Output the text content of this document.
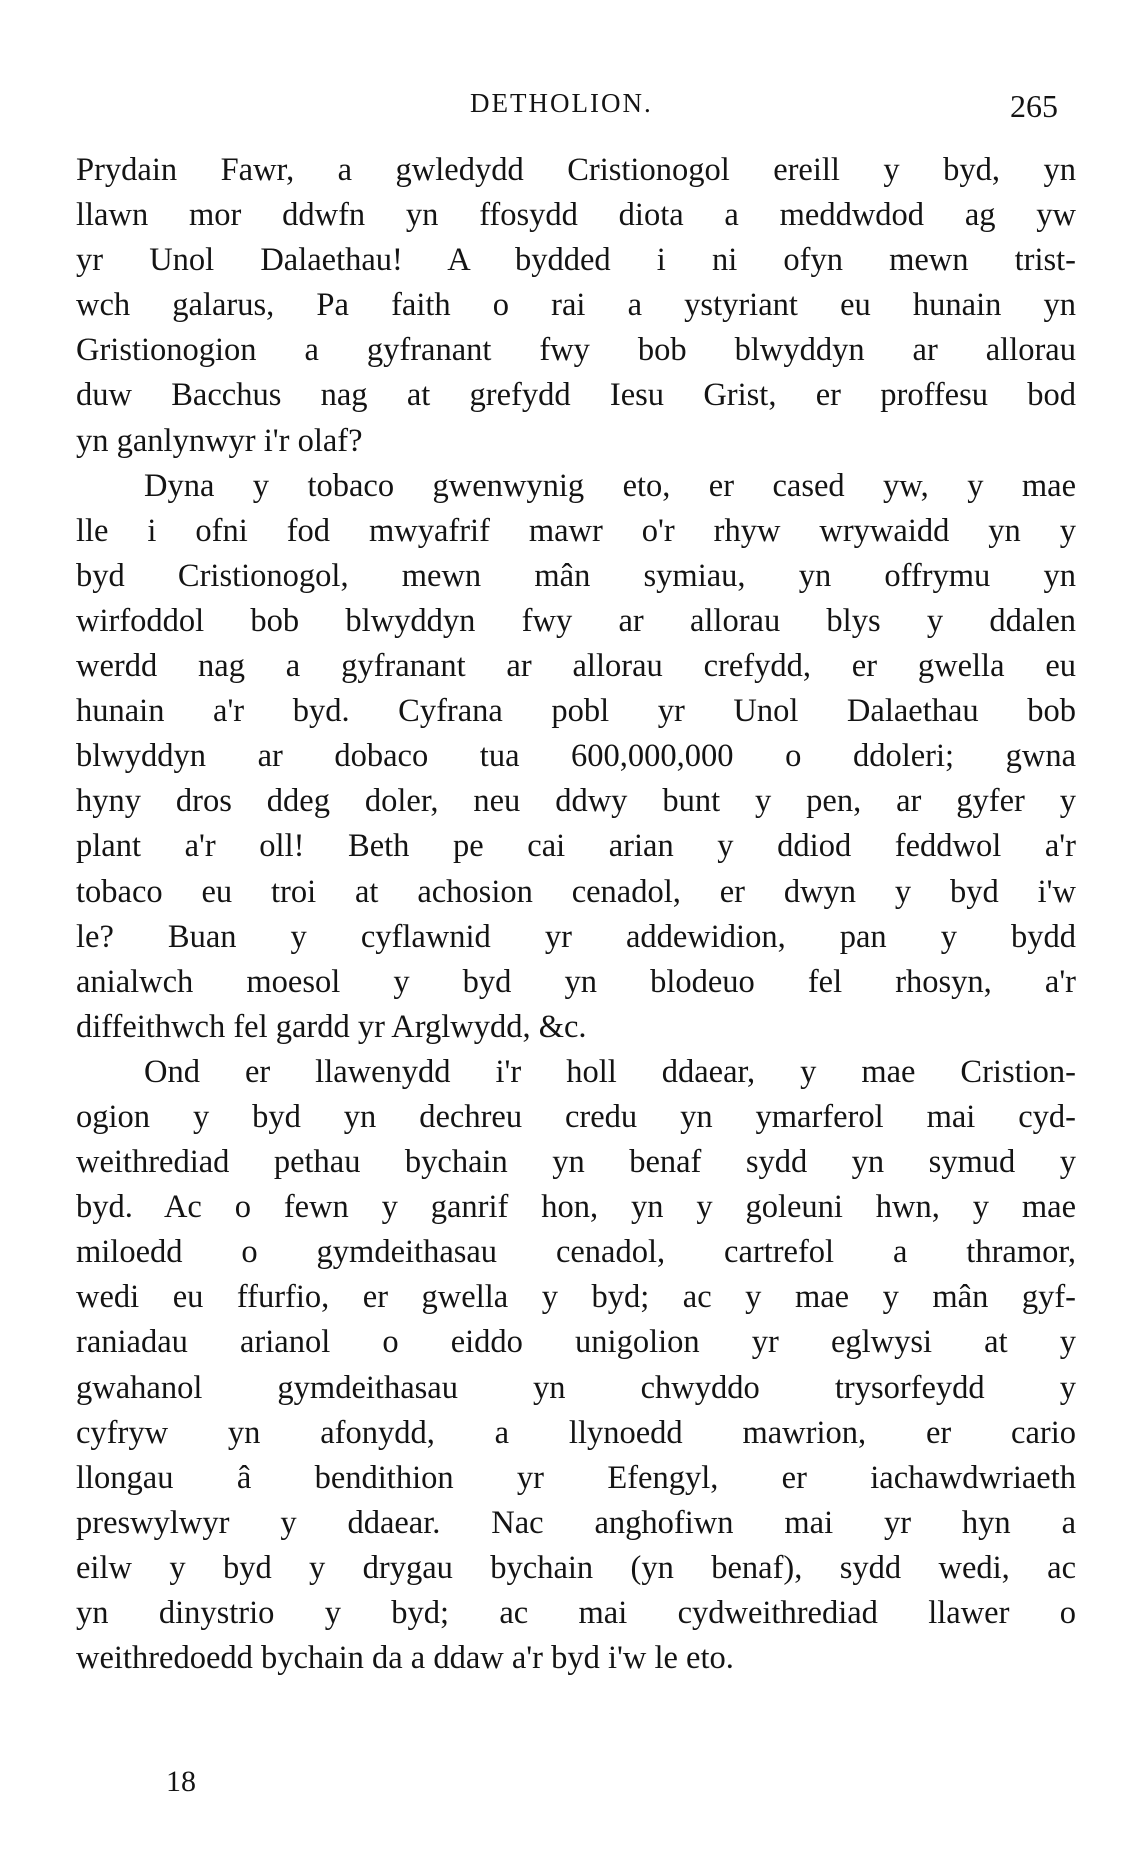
DETHOLION.	265
Prydain Fawr, a gwledydd Cristionogol ereill y byd, yn
llawn mor ddwfn yn ffosydd diota a meddwdod ag yw
yr Unol Dalaethau! A bydded i ni ofyn mewn trist-
wch galarus, Pa faith o rai a ystyriant eu hunain yn
Gristionogion a gyfranant fwy bob blwyddyn ar allorau
duw Bacchus nag at grefydd Iesu Grist, er proffesu bod
yn ganlynwyr i'r olaf?
Dyna y tobaco gwenwynig eto, er cased yw, y mae
lle i ofni fod mwyafrif mawr o'r rhyw wrywaidd yn y
byd Cristionogol, mewn mân symiau, yn offrymu yn
wirfoddol bob blwyddyn fwy ar allorau blys y ddalen
werdd nag a gyfranant ar allorau crefydd, er gwella eu
hunain a'r byd. Cyfrana pobl yr Unol Dalaethau bob
blwyddyn ar dobaco tua 600,000,000 o ddoleri; gwna
hyny dros ddeg doler, neu ddwy bunt y pen, ar gyfer y
plant a'r oll! Beth pe cai arian y ddiod feddwol a'r
tobaco eu troi at achosion cenadol, er dwyn y byd i'w
le? Buan y cyflawnid yr addewidion, pan y bydd
anialwch moesol y byd yn blodeuo fel rhosyn, a'r
diffeithwch fel gardd yr Arglwydd, &c.
Ond er llawenydd i'r holl ddaear, y mae Cristion-
ogion y byd yn dechreu credu yn ymarferol mai cyd-
weithrediad pethau bychain yn benaf sydd yn symud y
byd. Ac o fewn y ganrif hon, yn y goleuni hwn, y mae
miloedd o gymdeithasau cenadol, cartrefol a thramor,
wedi eu ffurfio, er gwella y byd; ac y mae y mân gyf-
raniadau arianol o eiddo unigolion yr eglwysi at y
gwahanol gymdeithasau yn chwyddo trysorfeydd y
cyfryw yn afonydd, a llynoedd mawrion, er cario
llongau â bendithion yr Efengyl, er iachawdwriaeth
preswylwyr y ddaear. Nac anghofiwn mai yr hyn a
eilw y byd y drygau bychain (yn benaf), sydd wedi, ac
yn dinystrio y byd; ac mai cydweithrediad llawer o
weithredoedd bychain da a ddaw a'r byd i'w le eto.
18
